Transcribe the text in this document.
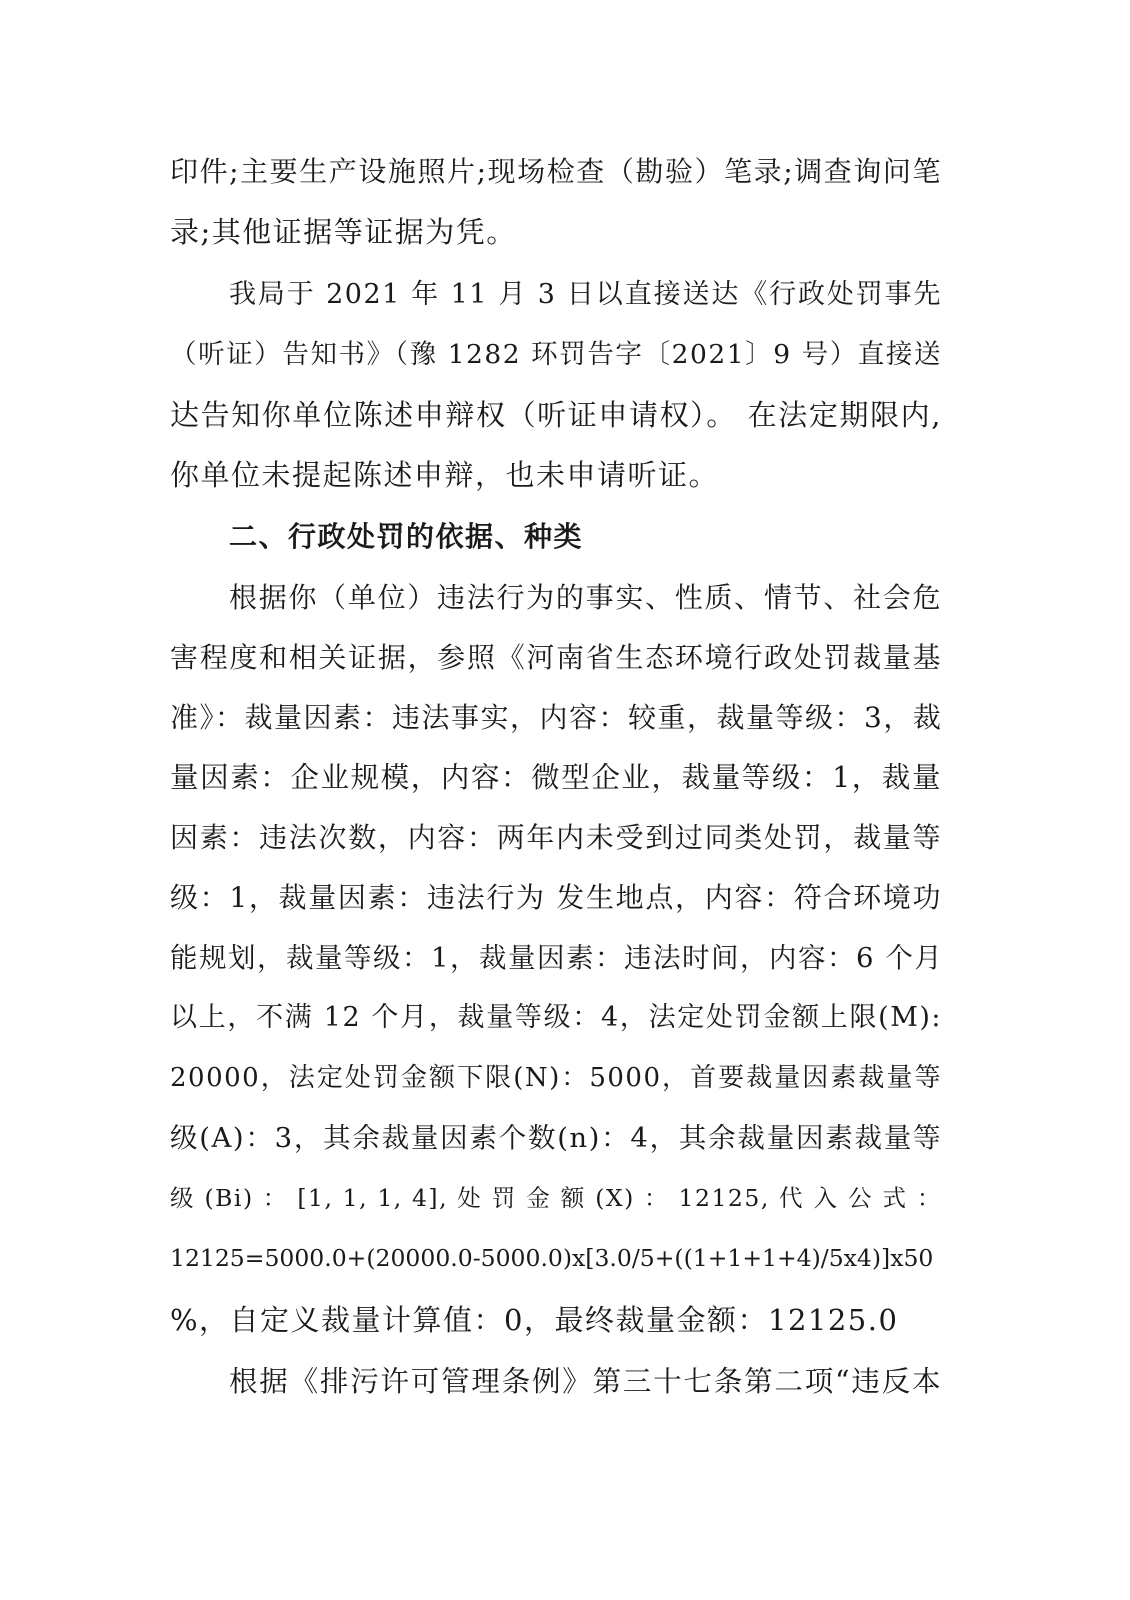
印件;主要生产设施照片;现场检查（勘验）笔录;调查询问笔
录;其他证据等证据为凭。
我局于 2021 年 11 月 3 日以直接送达《行政处罚事先
（听证）告知书》（豫 1282 环罚告字〔2021〕9 号）直接送
达告知你单位陈述申辩权（听证申请权）。 在法定期限内,
你单位未提起陈述申辩，也未申请听证。
二、行政处罚的依据、种类
根据你（单位）违法行为的事实、性质、情节、社会危
害程度和相关证据，参照《河南省生态环境行政处罚裁量基
准》：裁量因素：违法事实，内容：较重，裁量等级：3，裁
量因素：企业规模，内容：微型企业，裁量等级：1，裁量
因素：违法次数，内容：两年内未受到过同类处罚，裁量等
级：1，裁量因素：违法行为 发生地点，内容：符合环境功
能规划，裁量等级：1，裁量因素：违法时间，内容：6 个月
以上，不满 12 个月，裁量等级：4，法定处罚金额上限(M):
20000，法定处罚金额下限(N)：5000，首要裁量因素裁量等
级(A)：3，其余裁量因素个数(n)：4，其余裁量因素裁量等
级 (Bi) ： [1, 1, 1, 4], 处 罚 金 额 (X) ： 12125, 代 入 公 式 ：
12125=5000.0+(20000.0-5000.0)x[3.0/5+((1+1+1+4)/5x4)]x50
%，自定义裁量计算值：0，最终裁量金额：12125.0
根据《排污许可管理条例》第三十七条第二项“违反本
